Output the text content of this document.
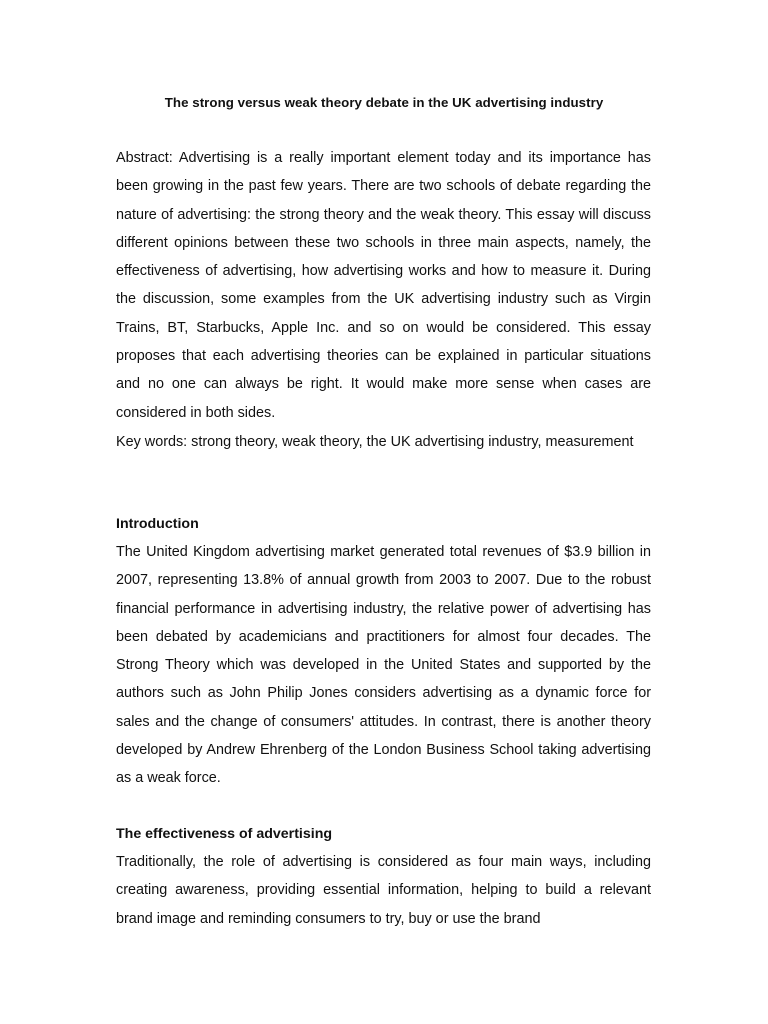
The strong versus weak theory debate in the UK advertising industry

Abstract: Advertising is a really important element today and its importance has been growing in the past few years. There are two schools of debate regarding the nature of advertising: the strong theory and the weak theory. This essay will discuss different opinions between these two schools in three main aspects, namely, the effectiveness of advertising, how advertising works and how to measure it. During the discussion, some examples from the UK advertising industry such as Virgin Trains, BT, Starbucks, Apple Inc. and so on would be considered. This essay proposes that each advertising theories can be explained in particular situations and no one can always be right. It would make more sense when cases are considered in both sides.

Key words: strong theory, weak theory, the UK advertising industry, measurement

Introduction

The United Kingdom advertising market generated total revenues of $3.9 billion in 2007, representing 13.8% of annual growth from 2003 to 2007. Due to the robust financial performance in advertising industry, the relative power of advertising has been debated by academicians and practitioners for almost four decades. The Strong Theory which was developed in the United States and supported by the authors such as John Philip Jones considers advertising as a dynamic force for sales and the change of consumers' attitudes. In contrast, there is another theory developed by Andrew Ehrenberg of the London Business School taking advertising as a weak force.

The effectiveness of advertising

Traditionally, the role of advertising is considered as four main ways, including creating awareness, providing essential information, helping to build a relevant brand image and reminding consumers to try, buy or use the brand
